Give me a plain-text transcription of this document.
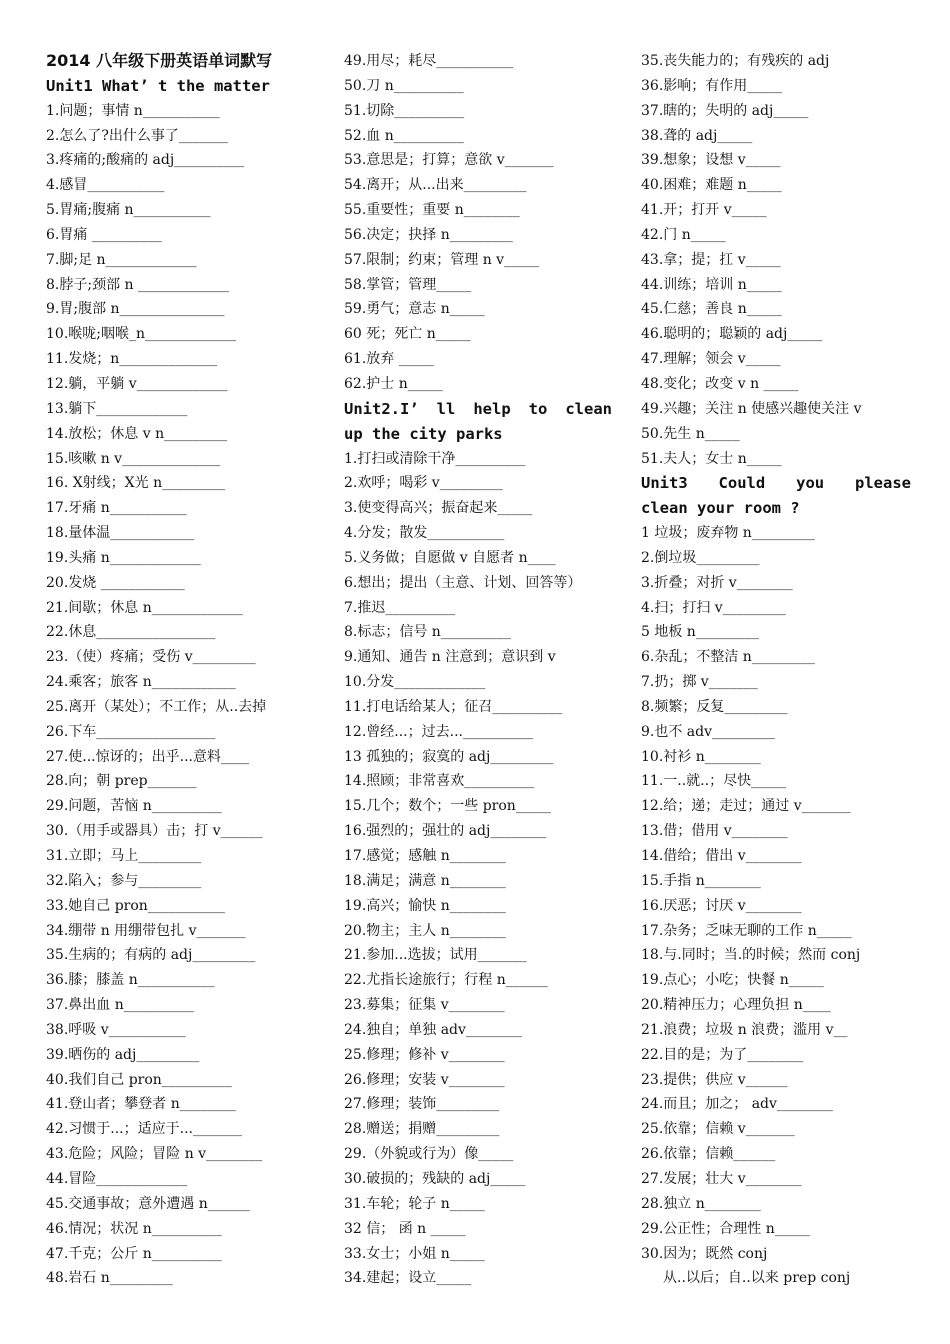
2014 八年级下册英语单词默写
Unit1 What’ t the matter
1.问题；事情 n___________
2.怎么了?出什么事了_______
3.疼痛的;酸痛的 adj__________
4.感冒___________
5.胃痛;腹痛 n___________
6.胃痛 __________
7.脚;足 n_____________
8.脖子;颈部 n _____________
9.胃;腹部 n_______________
10.喉咙;咽喉_n_____________
11.发烧；n______________
12.躺，平躺 v_____________
13.躺下_____________
14.放松；休息 v n_________
15.咳嗽 n v______________
16. X射线；X光 n_________
17.牙痛 n___________
18.量体温____________
19.头痛 n_____________
20.发烧 ____________
21.间歇；休息 n_____________
22.休息_________________
23.（使）疼痛；受伤 v_________
24.乘客；旅客 n____________
25.离开（某处）；不工作；从..去掉
26.下车_________________
27.使...惊讶的；出乎...意料____
28.向；朝 prep_______
29.问题，苦恼 n__________
30.（用手或器具）击；打 v______
31.立即；马上_________
32.陷入；参与_________
33.她自己 pron___________
34.绷带 n 用绷带包扎 v_______
35.生病的；有病的 adj_________
36.膝；膝盖 n___________
37.鼻出血 n__________
38.呼吸 v___________
39.晒伤的 adj_________
40.我们自己 pron__________
41.登山者；攀登者 n________
42.习惯于...；适应于..._______
43.危险；风险；冒险 n v________
44.冒险_____________
45.交通事故；意外遭遇 n______
46.情况；状况 n__________
47.千克；公斤 n__________
48.岩石 n_________
49.用尽；耗尽___________
50.刀 n__________
51.切除__________
52.血 n__________
53.意思是；打算；意欲 v_______
54.离开；从...出来_________
55.重要性；重要 n________
56.决定；抉择 n_________
57.限制；约束；管理 n v_____
58.掌管；管理_____
59.勇气；意志 n_____
60 死；死亡 n_____
61.放弃 _____
62.护士 n_____
Unit2.I’ ll help to clean
up the city parks
1.打扫或清除干净__________
2.欢呼；喝彩 v_________
3.使变得高兴；振奋起来_____
4.分发；散发___________
5.义务做；自愿做 v 自愿者 n____
6.想出；提出（主意、计划、回答等）
7.推迟__________
8.标志；信号 n__________
9.通知、通告 n 注意到；意识到 v
10.分发_____________
11.打电话给某人；征召__________
12.曾经...；过去...__________
13 孤独的；寂寞的 adj_________
14.照顾；非常喜欢__________
15.几个；数个；一些 pron_____
16.强烈的；强壮的 adj________
17.感觉；感触 n________
18.满足；满意 n________
19.高兴；愉快 n________
20.物主；主人 n________
21.参加...选拔；试用_______
22.尤指长途旅行；行程 n______
23.募集；征集 v________
24.独自；单独 adv________
25.修理；修补 v________
26.修理；安装 v________
27.修理；装饰_________
28.赠送；捐赠_________
29.（外貌或行为）像_____
30.破损的；残缺的 adj_____
31.车轮；轮子 n_____
32 信； 函 n _____
33.女士；小姐 n_____
34.建起；设立_____
35.丧失能力的；有残疾的 adj
36.影响；有作用_____
37.瞎的；失明的 adj_____
38.聋的 adj_____
39.想象；设想 v_____
40.困难；难题 n_____
41.开；打开 v_____
42.门 n_____
43.拿；提；扛 v_____
44.训练；培训 n_____
45.仁慈；善良 n_____
46.聪明的；聪颖的 adj_____
47.理解；领会 v_____
48.变化；改变 v n _____
49.兴趣；关注 n 使感兴趣使关注 v
50.先生 n_____
51.夫人；女士 n_____
Unit3 Could you please
clean your room ?
1 垃圾；废弃物 n_________
2.倒垃圾_________
3.折叠；对折 v________
4.扫；打扫 v_________
5 地板 n_________
6.杂乱；不整洁 n_________
7.扔；掷 v_______
8.频繁；反复_________
9.也不 adv_________
10.衬衫 n________
11.一..就..；尽快_____
12.给；递；走过；通过 v_______
13.借；借用 v________
14.借给；借出 v________
15.手指 n________
16.厌恶；讨厌 v________
17.杂务；乏味无聊的工作 n_____
18.与.同时；当.的时候；然而 conj
19.点心；小吃；快餐 n_____
20.精神压力；心理负担 n____
21.浪费；垃圾 n 浪费；滥用 v__
22.目的是；为了________
23.提供；供应 v______
24.而且；加之； adv________
25.依靠；信赖 v_______
26.依靠；信赖______
27.发展；壮大 v________
28.独立 n________
29.公正性；合理性 n_____
30.因为；既然 conj
从..以后；自..以来 prep conj
